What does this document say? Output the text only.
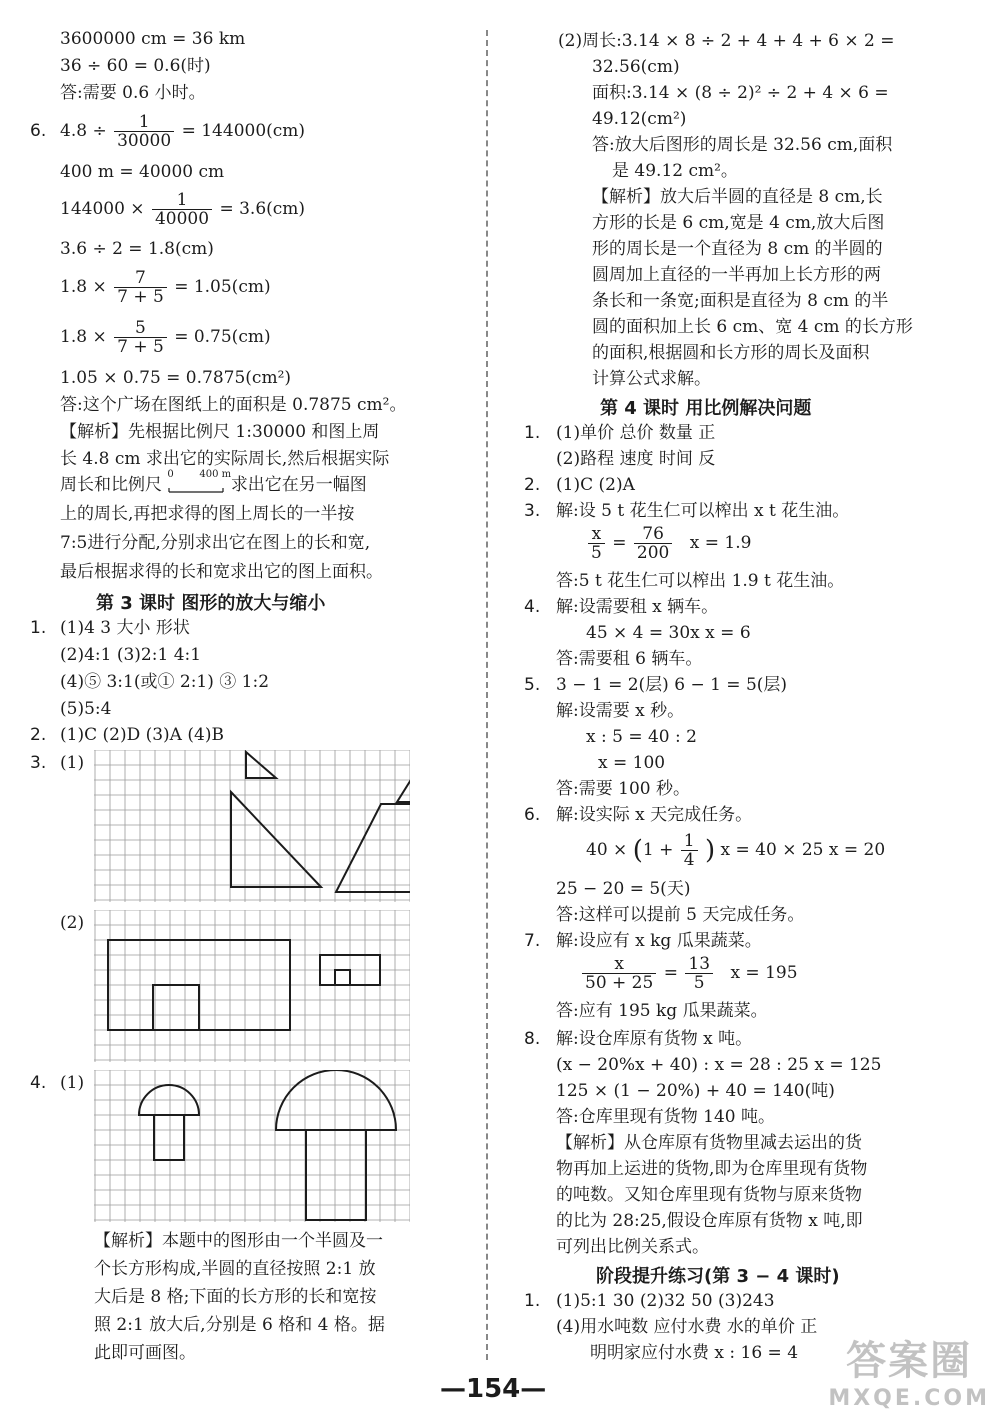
3600000 cm = 36 km
36 ÷ 60 = 0.6(时)
答:需要 0.6 小时。
6. $4.8 \div \frac{1}{30000} = 144000(cm)$
400 m = 40000 cm
$144000 \times \frac{1}{40000} = 3.6(cm)$
3.6 ÷ 2 = 1.8(cm)
$1.8 \times \frac{7}{7 + 5} = 1.05(cm)$
$1.8 \times \frac{5}{7 + 5} = 0.75(cm)$
1.05 × 0.75 = 0.7875(cm²)
答:这个广场在图纸上的面积是 0.7875 cm²。
【解析】先根据比例尺 1:30000 和图上周
长 4.8 cm 求出它的实际周长,然后根据实际
周长和比例尺
0	400 m
求出它在另一幅图
上的周长,再把求得的图上周长的一半按
7:5进行分配,分别求出它在图上的长和宽,
最后根据求得的长和宽求出它的图上面积。
第 3 课时 图形的放大与缩小
1. (1)4 3 大小 形状
(2)4:1 (3)2:1 4:1
(4)⑤ 3:1(或① 2:1) ③ 1:2
(5)5:4
2. (1)C (2)D (3)A (4)B
3. (1)
(2)
4. (1)
【解析】本题中的图形由一个半圆及一
个长方形构成,半圆的直径按照 2:1 放
大后是 8 格;下面的长方形的长和宽按
照 2:1 放大后,分别是 6 格和 4 格。据
此即可画图。
(2)周长:3.14 × 8 ÷ 2 + 4 + 4 + 6 × 2 =
32.56(cm)
面积:3.14 × (8 ÷ 2)² ÷ 2 + 4 × 6 =
49.12(cm²)
答:放大后图形的周长是 32.56 cm,面积
是 49.12 cm²。
【解析】放大后半圆的直径是 8 cm,长
方形的长是 6 cm,宽是 4 cm,放大后图
形的周长是一个直径为 8 cm 的半圆的
圆周加上直径的一半再加上长方形的两
条长和一条宽;面积是直径为 8 cm 的半
圆的面积加上长 6 cm、宽 4 cm 的长方形
的面积,根据圆和长方形的周长及面积
计算公式求解。
第 4 课时 用比例解决问题
1. (1)单价 总价 数量 正
(2)路程 速度 时间 反
2. (1)C (2)A
3. 解:设 5 t 花生仁可以榨出 x t 花生油。
$\frac{x}{5} = \frac{76}{200}$ x = 1.9
答:5 t 花生仁可以榨出 1.9 t 花生油。
4. 解:设需要租 x 辆车。
45 × 4 = 30x x = 6
答:需要租 6 辆车。
5. 3 − 1 = 2(层) 6 − 1 = 5(层)
解:设需要 x 秒。
x : 5 = 40 : 2
x = 100
答:需要 100 秒。
6. 解:设实际 x 天完成任务。
$40 \times (1 + \frac{1}{4}$ ) x = 40 × 25 x = 20
25 − 20 = 5(天)
答:这样可以提前 5 天完成任务。
7. 解:设应有 x kg 瓜果蔬菜。
$\frac{x}{50 + 25} = \frac{13}{5}$ x = 195
答:应有 195 kg 瓜果蔬菜。
8. 解:设仓库原有货物 x 吨。
(x − 20%x + 40) : x = 28 : 25 x = 125
125 × (1 − 20%) + 40 = 140(吨)
答:仓库里现有货物 140 吨。
【解析】从仓库原有货物里减去运出的货
物再加上运进的货物,即为仓库里现有货物
的吨数。又知仓库里现有货物与原来货物
的比为 28:25,假设仓库原有货物 x 吨,即
可列出比例关系式。
阶段提升练习(第 3 − 4 课时)
1. (1)5:1 30 (2)32 50 (3)243
(4)用水吨数 应付水费 水的单价 正
明明家应付水费 x : 16 = 4
—154—
答案圈
MXQE.COM
